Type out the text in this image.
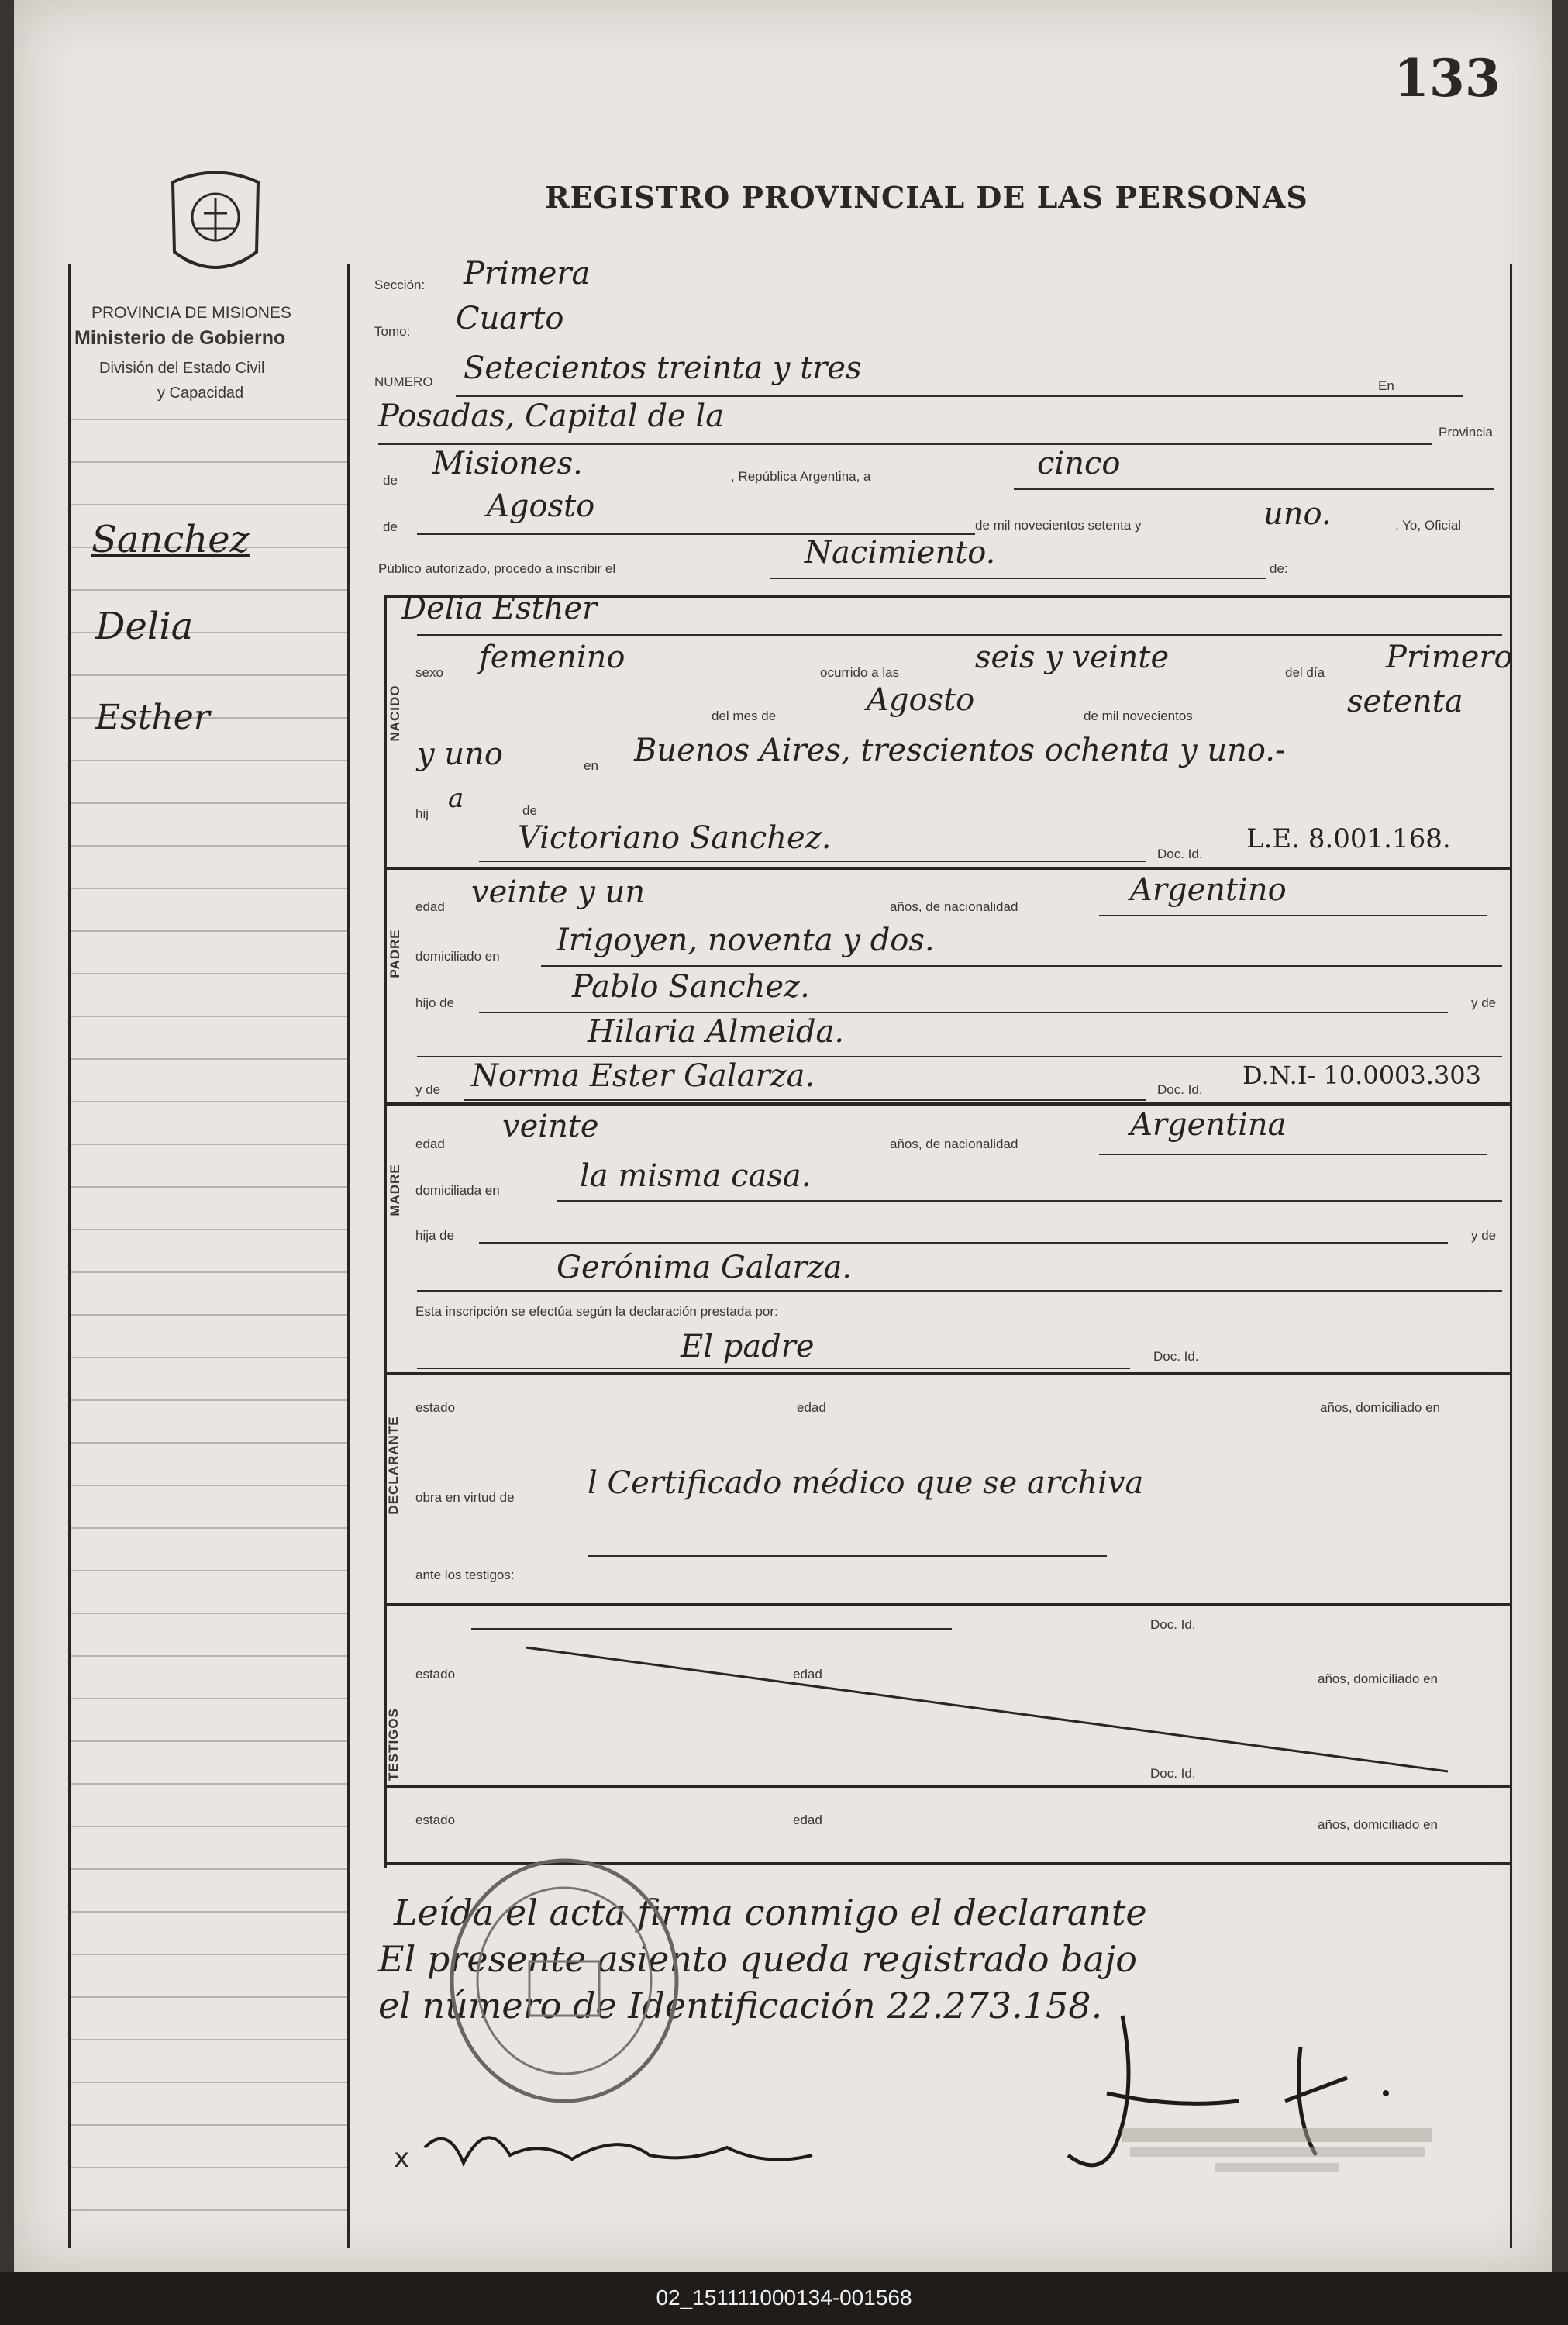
133
REGISTRO PROVINCIAL DE LAS PERSONAS
PROVINCIA DE MISIONES
Ministerio de Gobierno
División del Estado Civil
y Capacidad
Sanchez
Delia
Esther
Sección: Primera
Tomo: Cuarto
NUMERO Setecientos treinta y tres	En
Posadas, Capital de la	Provincia
de Misiones.	, República Argentina, a	cinco
de
Agosto
de mil novecientos setenta y	uno.	. Yo, Oficial
Público autorizado, procedo a inscribir el	Nacimiento.	de:
NACIDO
Delia Esther
sexo femenino	ocurrido a las seis y veinte	del día Primero
del mes de	Agosto	de mil novecientos	setenta
y uno	en Buenos Aires, trescientos ochenta y uno.-
hij a	de
Victoriano Sanchez.	Doc. Id. L.E. 8.001.168.
PADRE
edad veinte y un	años, de nacionalidad	Argentino
domiciliado en Irigoyen, noventa y dos.
hijo de	Pablo Sanchez.	y de
Hilaria Almeida.
y de Norma Ester Galarza.	Doc. Id. D.N.I- 10.0003.303
MADRE
edad veinte	años, de nacionalidad
Argentina
domiciliada en	la misma casa.
hija de	y de
Gerónima Galarza.
Esta inscripción se efectúa según la declaración prestada por:
El padre	Doc. Id.
DECLARANTE
estado	edad	años, domiciliado en
obra en virtud de l Certificado médico que se archiva
ante los testigos:
TESTIGOS
Doc. Id.
estado	edad	años, domiciliado en
Doc. Id.
estado	edad	años, domiciliado en
Leída el acta firma conmigo el declarante
El presente asiento queda registrado bajo
el número de Identificación 22.273.158.
x
02_151111000134-001568
